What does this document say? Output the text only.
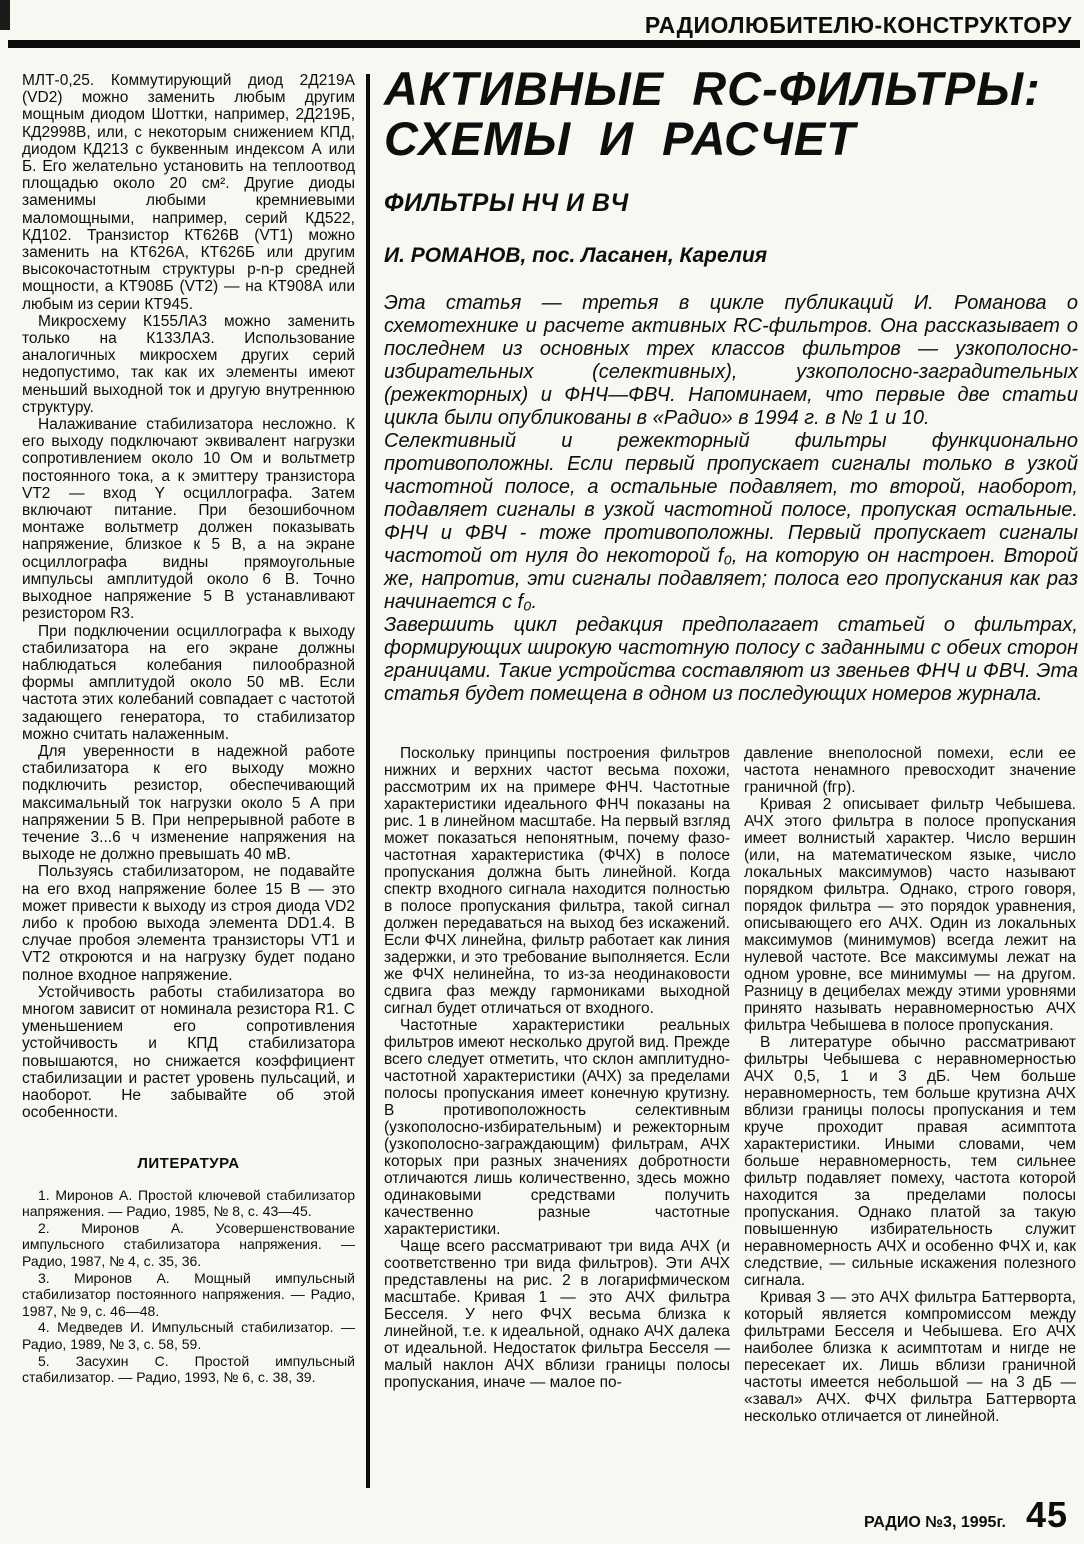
РАДИОЛЮБИТЕЛЮ-КОНСТРУКТОРУ

МЛТ-0,25. Коммутирующий диод 2Д219А (VD2) можно заменить любым другим мощным диодом Шоттки, например, 2Д219Б, КД2998В, или, с некоторым снижением КПД, диодом КД213 с буквенным индексом А или Б. Его желательно установить на теплоотвод площадью около 20 см². Другие диоды заменимы любыми кремниевыми маломощными, например, серий КД522, КД102. Транзистор КТ626В (VT1) можно заменить на КТ626А, КТ626Б или другим высокочастотным структуры p-n-p средней мощности, а КТ908Б (VT2) — на КТ908А или любым из серии КТ945.

Микросхему К155ЛА3 можно заменить только на К133ЛА3. Использование аналогичных микросхем других серий недопустимо, так как их элементы имеют меньший выходной ток и другую внутреннюю структуру.

Налаживание стабилизатора несложно. К его выходу подключают эквивалент нагрузки сопротивлением около 10 Ом и вольтметр постоянного тока, а к эмиттеру транзистора VT2 — вход Y осциллографа. Затем включают питание. При безошибочном монтаже вольтметр должен показывать напряжение, близкое к 5 В, а на экране осциллографа видны прямоугольные импульсы амплитудой около 6 В. Точно выходное напряжение 5 В устанавливают резистором R3.

При подключении осциллографа к выходу стабилизатора на его экране должны наблюдаться колебания пилообразной формы амплитудой около 50 мВ. Если частота этих колебаний совпадает с частотой задающего генератора, то стабилизатор можно считать налаженным.

Для уверенности в надежной работе стабилизатора к его выходу можно подключить резистор, обеспечивающий максимальный ток нагрузки около 5 А при напряжении 5 В. При непрерывной работе в течение 3...6 ч изменение напряжения на выходе не должно превышать 40 мВ.

Пользуясь стабилизатором, не подавайте на его вход напряжение более 15 В — это может привести к выходу из строя диода VD2 либо к пробою выхода элемента DD1.4. В случае пробоя элемента транзисторы VT1 и VT2 откроются и на нагрузку будет подано полное входное напряжение.

Устойчивость работы стабилизатора во многом зависит от номинала резистора R1. С уменьшением его сопротивления устойчивость и КПД стабилизатора повышаются, но снижается коэффициент стабилизации и растет уровень пульсаций, и наоборот. Не забывайте об этой особенности.

ЛИТЕРАТУРА

1. Миронов А. Простой ключевой стабилизатор напряжения. — Радио, 1985, № 8, с. 43—45.

2. Миронов А. Усовершенствование импульсного стабилизатора напряжения. — Радио, 1987, № 4, с. 35, 36.

3. Миронов А. Мощный импульсный стабилизатор постоянного напряжения. — Радио, 1987, № 9, с. 46—48.

4. Медведев И. Импульсный стабилизатор. — Радио, 1989, № 3, с. 58, 59.

5. Засухин С. Простой импульсный стабилизатор. — Радио, 1993, № 6, с. 38, 39.

АКТИВНЫЕ RC-ФИЛЬТРЫ:
СХЕМЫ И РАСЧЕТ
ФИЛЬТРЫ НЧ И ВЧ
И. РОМАНОВ, пос. Ласанен, Карелия

Эта статья — третья в цикле публикаций И. Романова о схемотехнике и расчете активных RC-фильтров. Она рассказывает о последнем из основных трех классов фильтров — узкополосно-избирательных (селективных), узкополосно-заградительных (режекторных) и ФНЧ—ФВЧ. Напоминаем, что первые две статьи цикла были опубликованы в «Радио» в 1994 г. в № 1 и 10.

Селективный и режекторный фильтры функционально противоположны. Если первый пропускает сигналы только в узкой частотной полосе, а остальные подавляет, то второй, наоборот, подавляет сигналы в узкой частотной полосе, пропуская остальные. ФНЧ и ФВЧ - тоже противоположны. Первый пропускает сигналы частотой от нуля до некоторой f₀, на которую он настроен. Второй же, напротив, эти сигналы подавляет; полоса его пропускания как раз начинается с f₀.

Завершить цикл редакция предполагает статьей о фильтрах, формирующих широкую частотную полосу с заданными с обеих сторон границами. Такие устройства составляют из звеньев ФНЧ и ФВЧ. Эта статья будет помещена в одном из последующих номеров журнала.

Поскольку принципы построения фильтров нижних и верхних частот весьма похожи, рассмотрим их на примере ФНЧ. Частотные характеристики идеального ФНЧ показаны на рис. 1 в линейном масштабе. На первый взгляд может показаться непонятным, почему фазо-частотная характеристика (ФЧХ) в полосе пропускания должна быть линейной. Когда спектр входного сигнала находится полностью в полосе пропускания фильтра, такой сигнал должен передаваться на выход без искажений. Если ФЧХ линейна, фильтр работает как линия задержки, и это требование выполняется. Если же ФЧХ нелинейна, то из-за неодинаковости сдвига фаз между гармониками выходной сигнал будет отличаться от входного.

Частотные характеристики реальных фильтров имеют несколько другой вид. Прежде всего следует отметить, что склон амплитудно-частотной характеристики (АЧХ) за пределами полосы пропускания имеет конечную крутизну. В противоположность селективным (узкополосно-избирательным) и режекторным (узкополосно-заграждающим) фильтрам, АЧХ которых при разных значениях добротности отличаются лишь количественно, здесь можно одинаковыми средствами получить качественно разные частотные характеристики.

Чаще всего рассматривают три вида АЧХ (и соответственно три вида фильтров). Эти АЧХ представлены на рис. 2 в логарифмическом масштабе. Кривая 1 — это АЧХ фильтра Бесселя. У него ФЧХ весьма близка к линейной, т.е. к идеальной, однако АЧХ далека от идеальной. Недостаток фильтра Бесселя — малый наклон АЧХ вблизи границы полосы пропускания, иначе — малое по-

давление внеполосной помехи, если ее частота ненамного превосходит значение граничной (fгр).

Кривая 2 описывает фильтр Чебышева. АЧХ этого фильтра в полосе пропускания имеет волнистый характер. Число вершин (или, на математическом языке, число локальных максимумов) часто называют порядком фильтра. Однако, строго говоря, порядок фильтра — это порядок уравнения, описывающего его АЧХ. Один из локальных максимумов (минимумов) всегда лежит на нулевой частоте. Все максимумы лежат на одном уровне, все минимумы — на другом. Разницу в децибелах между этими уровнями принято называть неравномерностью АЧХ фильтра Чебышева в полосе пропускания.

В литературе обычно рассматривают фильтры Чебышева с неравномерностью АЧХ 0,5, 1 и 3 дБ. Чем больше неравномерность, тем больше крутизна АЧХ вблизи границы полосы пропускания и тем круче проходит правая асимптота характеристики. Иными словами, чем больше неравномерность, тем сильнее фильтр подавляет помеху, частота которой находится за пределами полосы пропускания. Однако платой за такую повышенную избирательность служит неравномерность АЧХ и особенно ФЧХ и, как следствие, — сильные искажения полезного сигнала.

Кривая 3 — это АЧХ фильтра Баттерворта, который является компромиссом между фильтрами Бесселя и Чебышева. Его АЧХ наиболее близка к асимптотам и нигде не пересекает их. Лишь вблизи граничной частоты имеется небольшой — на 3 дБ — «завал» АЧХ. ФЧХ фильтра Баттерворта несколько отличается от линейной.

РАДИО №3, 1995г. 45
